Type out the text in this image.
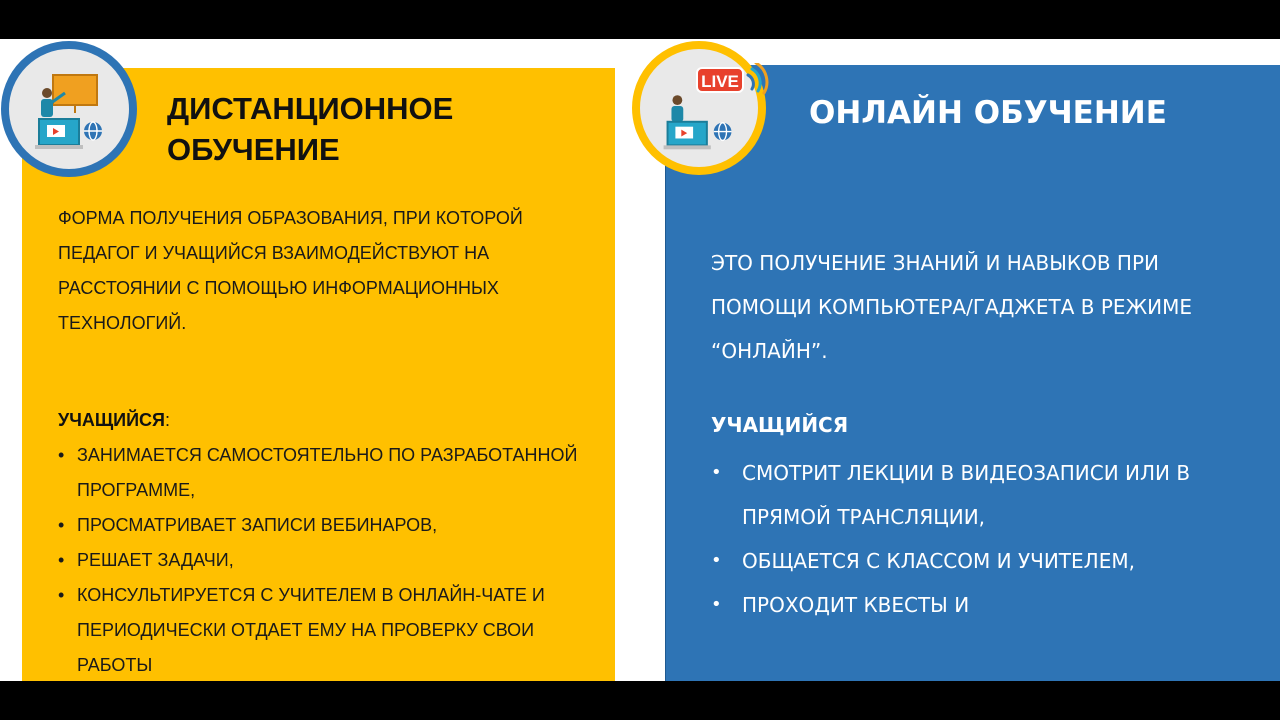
ДИСТАНЦИОННОЕ ОБУЧЕНИЕ

ФОРМА ПОЛУЧЕНИЯ ОБРАЗОВАНИЯ, ПРИ КОТОРОЙ ПЕДАГОГ И УЧАЩИЙСЯ ВЗАИМОДЕЙСТВУЮТ НА РАССТОЯНИИ С ПОМОЩЬЮ ИНФОРМАЦИОННЫХ ТЕХНОЛОГИЙ.

УЧАЩИЙСЯ:

• ЗАНИМАЕТСЯ САМОСТОЯТЕЛЬНО ПО РАЗРАБОТАННОЙ ПРОГРАММЕ,
• ПРОСМАТРИВАЕТ ЗАПИСИ ВЕБИНАРОВ,
• РЕШАЕТ ЗАДАЧИ,
• КОНСУЛЬТИРУЕТСЯ С УЧИТЕЛЕМ В ОНЛАЙН-ЧАТЕ И ПЕРИОДИЧЕСКИ ОТДАЕТ ЕМУ НА ПРОВЕРКУ СВОИ РАБОТЫ
ОНЛАЙН ОБУЧЕНИЕ

ЭТО ПОЛУЧЕНИЕ ЗНАНИЙ И НАВЫКОВ ПРИ ПОМОЩИ КОМПЬЮТЕРА/ГАДЖЕТА В РЕЖИМЕ “ОНЛАЙН”.

УЧАЩИЙСЯ

• СМОТРИТ ЛЕКЦИИ В ВИДЕОЗАПИСИ ИЛИ В ПРЯМОЙ ТРАНСЛЯЦИИ,
• ОБЩАЕТСЯ С КЛАССОМ И УЧИТЕЛЕМ,
• ПРОХОДИТ КВЕСТЫ И
LIVE
